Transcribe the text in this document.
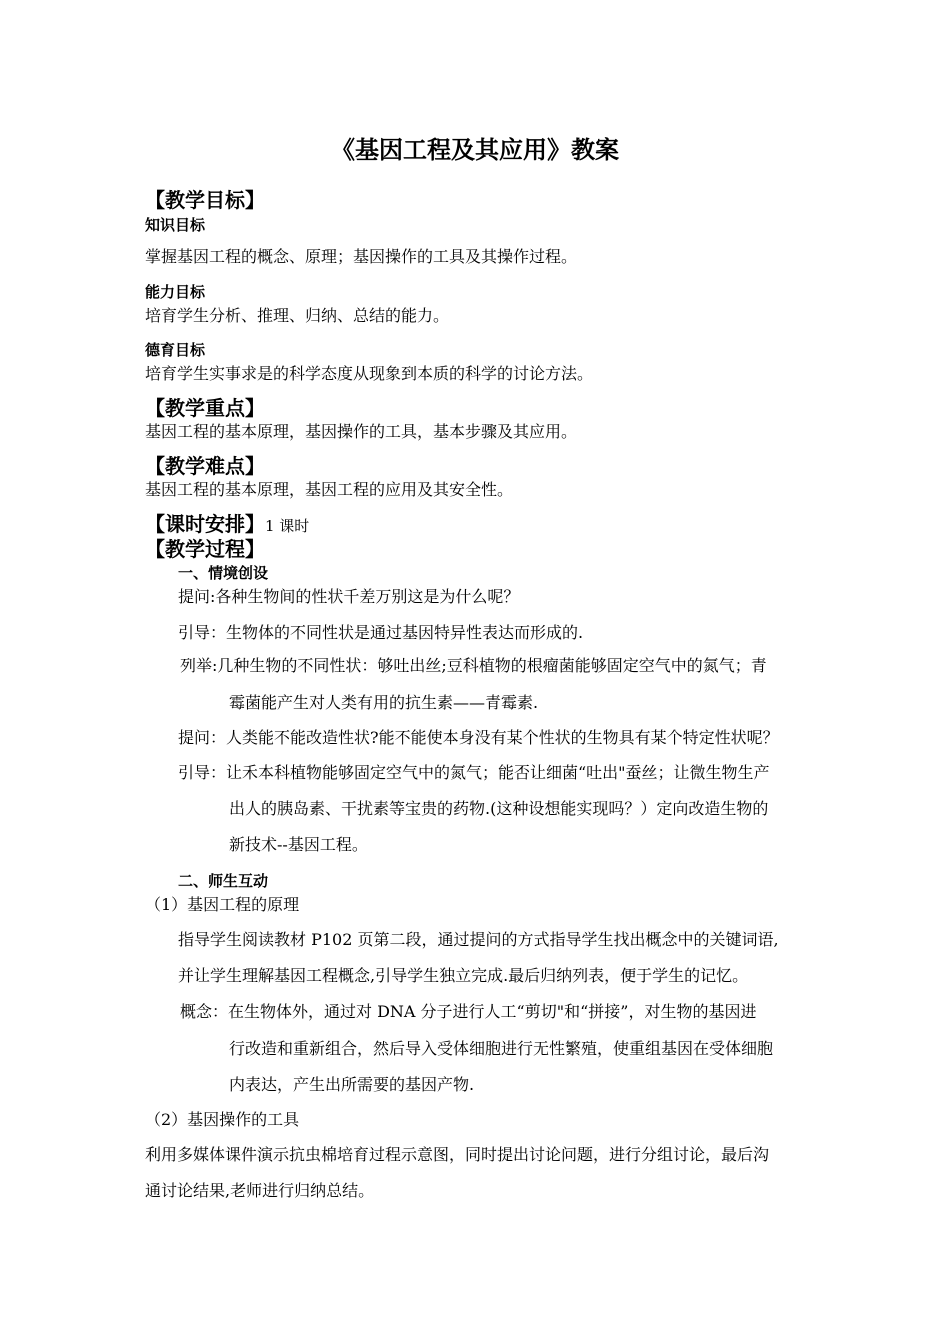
《基因工程及其应用》教案
【教学目标】
知识目标
掌握基因工程的概念、原理；基因操作的工具及其操作过程。
能力目标
培育学生分析、推理、归纳、总结的能力。
德育目标
培育学生实事求是的科学态度从现象到本质的科学的讨论方法。
【教学重点】
基因工程的基本原理，基因操作的工具，基本步骤及其应用。
【教学难点】
基因工程的基本原理，基因工程的应用及其安全性。
【课时安排】1 课时
【教学过程】
一、情境创设
提问:各种生物间的性状千差万别这是为什么呢？
引导：生物体的不同性状是通过基因特异性表达而形成的.
列举:几种生物的不同性状：够吐出丝;豆科植物的根瘤菌能够固定空气中的氮气；青
霉菌能产生对人类有用的抗生素——青霉素.
提问：人类能不能改造性状?能不能使本身没有某个性状的生物具有某个特定性状呢？
引导：让禾本科植物能够固定空气中的氮气；能否让细菌“吐出"蚕丝；让微生物生产
出人的胰岛素、干扰素等宝贵的药物.(这种设想能实现吗？）定向改造生物的
新技术--基因工程。
二、师生互动
（1）基因工程的原理
指导学生阅读教材 P102 页第二段，通过提问的方式指导学生找出概念中的关键词语,
并让学生理解基因工程概念,引导学生独立完成.最后归纳列表，便于学生的记忆。
概念：在生物体外，通过对 DNA 分子进行人工“剪切"和“拼接”，对生物的基因进
行改造和重新组合，然后导入受体细胞进行无性繁殖，使重组基因在受体细胞
内表达，产生出所需要的基因产物.
（2）基因操作的工具
利用多媒体课件演示抗虫棉培育过程示意图，同时提出讨论问题，进行分组讨论，最后沟
通讨论结果,老师进行归纳总结。
